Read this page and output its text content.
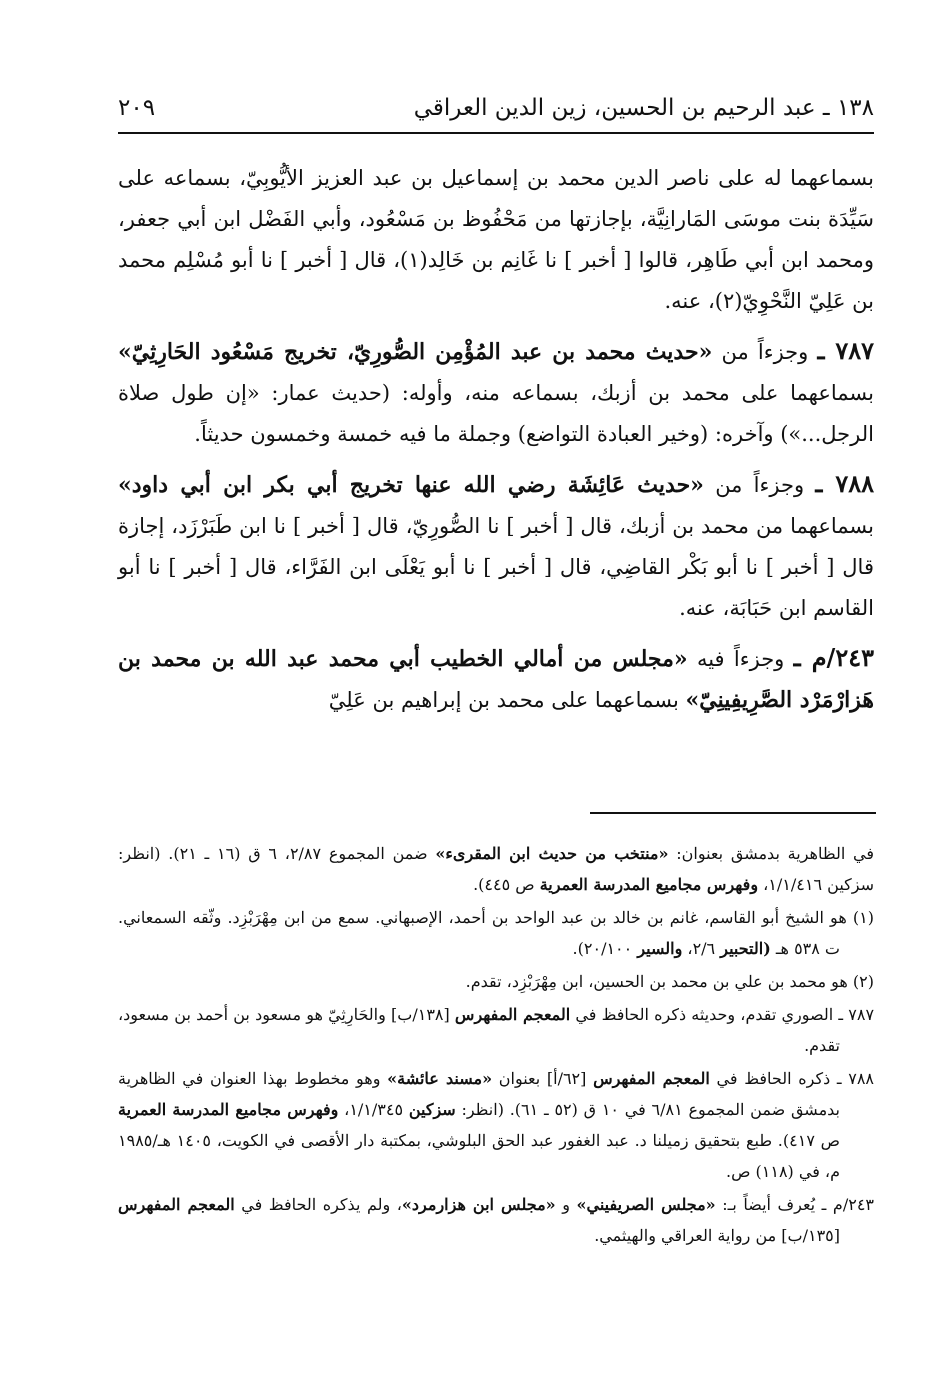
١٣٨ ـ عبد الرحيم بن الحسين، زين الدين العراقي
٢٠٩

بسماعهما له على ناصر الدين محمد بن إسماعيل بن عبد العزيز الأيُّوبِيّ، بسماعه على سَيِّدَة بنت موسَى المَارانِيَّة، بإجازتها من مَحْفُوظ بن مَسْعُود، وأبي الفَضْل ابن أبي جعفر، ومحمد ابن أبي طَاهِر، قالوا [ أخبر ] نا غَانِم بن خَالِد(١)، قال [ أخبر ] نا أبو مُسْلِم محمد بن عَلِيّ النَّحْوِيّ(٢)، عنه.

٧٨٧ ـ وجزءاً من «حديث محمد بن عبد المُؤْمِن الصُّورِيّ، تخريج مَسْعُود الحَارِثِيّ» بسماعهما على محمد بن أزبك، بسماعه منه، وأوله: (حديث عمار: «إن طول صلاة الرجل...») وآخره: (وخير العبادة التواضع) وجملة ما فيه خمسة وخمسون حديثاً.

٧٨٨ ـ وجزءاً من «حديث عَائِشَة رضي الله عنها تخريج أبي بكر ابن أبي داود» بسماعهما من محمد بن أزبك، قال [ أخبر ] نا الصُّورِيّ، قال [ أخبر ] نا ابن طَبَرْزَد، إجازة قال [ أخبر ] نا أبو بَكْر القاضِي، قال [ أخبر ] نا أبو يَعْلَى ابن الفَرَّاء، قال [ أخبر ] نا أبو القاسم ابن حَبَابَة، عنه.

٢٤٣/م ـ وجزءاً فيه «مجلس من أمالي الخطيب أبي محمد عبد الله بن محمد بن هَزارْمَرْد الصَّرِيفِينِيّ» بسماعهما على محمد بن إبراهيم بن عَلِيّ

في الظاهرية بدمشق بعنوان: «منتخب من حديث ابن المقرىء» ضمن المجموع ٢/٨٧، ٦ ق (١٦ ـ ٢١). (انظر: سزكين ١/١/٤١٦، وفهرس مجاميع المدرسة العمرية ص ٤٤٥).

(١) هو الشيخ أبو القاسم، غانم بن خالد بن عبد الواحد بن أحمد، الإصبهاني. سمع من ابن مِهْرَبْزِد. وثّقه السمعاني. ت ٥٣٨ هـ (التحبير ٢/٦، والسير ٢٠/١٠٠).

(٢) هو محمد بن علي بن محمد بن الحسين، ابن مِهْرَبْزِد، تقدم.

٧٨٧ ـ الصوري تقدم، وحديثه ذكره الحافظ في المعجم المفهرس [١٣٨/ب] والحَارِثِيّ هو مسعود بن أحمد بن مسعود، تقدم.

٧٨٨ ـ ذكره الحافظ في المعجم المفهرس [٦٢/أ] بعنوان «مسند عائشة» وهو مخطوط بهذا العنوان في الظاهرية بدمشق ضمن المجموع ٦/٨١ في ١٠ ق (٥٢ ـ ٦١). (انظر: سزكين ١/١/٣٤٥، وفهرس مجاميع المدرسة العمرية ص ٤١٧). طبع بتحقيق زميلنا د. عبد الغفور عبد الحق البلوشي، بمكتبة دار الأقصى في الكويت، ١٤٠٥ هـ/١٩٨٥ م، في (١١٨) ص.

٢٤٣/م ـ يُعرف أيضاً بـ: «مجلس الصريفيني» و «مجلس ابن هزارمرد»، ولم يذكره الحافظ في المعجم المفهرس [١٣٥/ب] من رواية العراقي والهيثمي.
